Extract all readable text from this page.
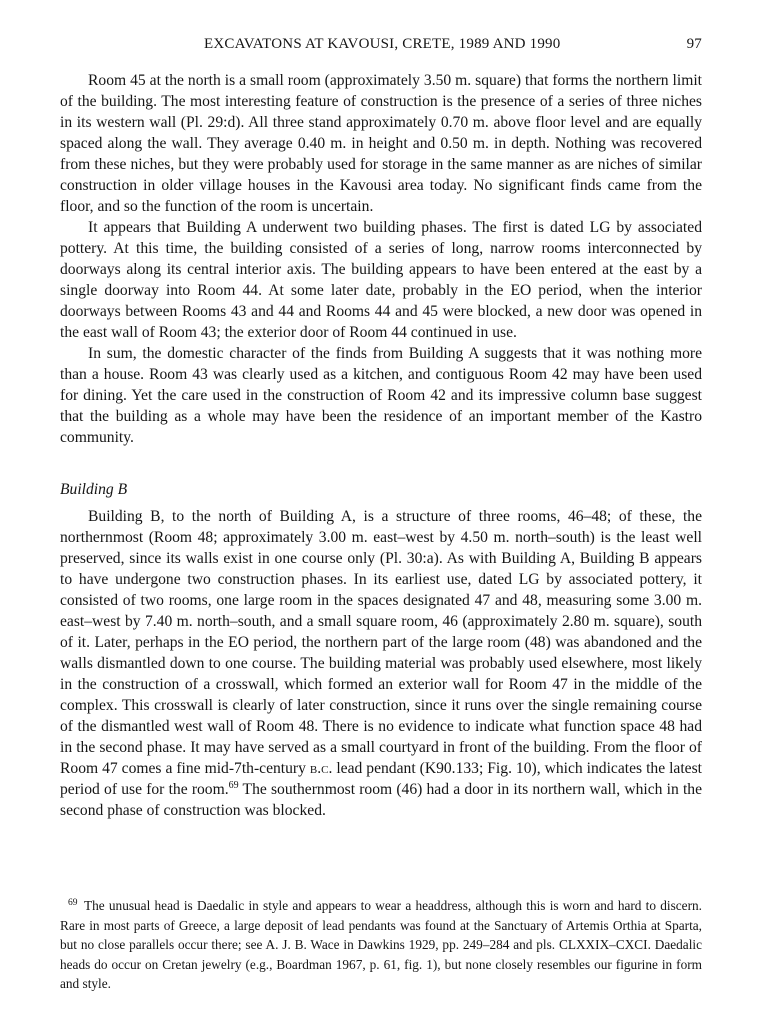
EXCAVATONS AT KAVOUSI, CRETE, 1989 AND 1990	97

Room 45 at the north is a small room (approximately 3.50 m. square) that forms the northern limit of the building. The most interesting feature of construction is the presence of a series of three niches in its western wall (Pl. 29:d). All three stand approximately 0.70 m. above floor level and are equally spaced along the wall. They average 0.40 m. in height and 0.50 m. in depth. Nothing was recovered from these niches, but they were probably used for storage in the same manner as are niches of similar construction in older village houses in the Kavousi area today. No significant finds came from the floor, and so the function of the room is uncertain.

It appears that Building A underwent two building phases. The first is dated LG by associated pottery. At this time, the building consisted of a series of long, narrow rooms interconnected by doorways along its central interior axis. The building appears to have been entered at the east by a single doorway into Room 44. At some later date, probably in the EO period, when the interior doorways between Rooms 43 and 44 and Rooms 44 and 45 were blocked, a new door was opened in the east wall of Room 43; the exterior door of Room 44 continued in use.

In sum, the domestic character of the finds from Building A suggests that it was nothing more than a house. Room 43 was clearly used as a kitchen, and contiguous Room 42 may have been used for dining. Yet the care used in the construction of Room 42 and its impressive column base suggest that the building as a whole may have been the residence of an important member of the Kastro community.

Building B

Building B, to the north of Building A, is a structure of three rooms, 46–48; of these, the northernmost (Room 48; approximately 3.00 m. east–west by 4.50 m. north–south) is the least well preserved, since its walls exist in one course only (Pl. 30:a). As with Building A, Building B appears to have undergone two construction phases. In its earliest use, dated LG by associated pottery, it consisted of two rooms, one large room in the spaces designated 47 and 48, measuring some 3.00 m. east–west by 7.40 m. north–south, and a small square room, 46 (approximately 2.80 m. square), south of it. Later, perhaps in the EO period, the northern part of the large room (48) was abandoned and the walls dismantled down to one course. The building material was probably used elsewhere, most likely in the construction of a crosswall, which formed an exterior wall for Room 47 in the middle of the complex. This crosswall is clearly of later construction, since it runs over the single remaining course of the dismantled west wall of Room 48. There is no evidence to indicate what function space 48 had in the second phase. It may have served as a small courtyard in front of the building. From the floor of Room 47 comes a fine mid-7th-century b.c. lead pendant (K90.133; Fig. 10), which indicates the latest period of use for the room.$^{69}$ The southernmost room (46) had a door in its northern wall, which in the second phase of construction was blocked.

69 The unusual head is Daedalic in style and appears to wear a headdress, although this is worn and hard to discern. Rare in most parts of Greece, a large deposit of lead pendants was found at the Sanctuary of Artemis Orthia at Sparta, but no close parallels occur there; see A. J. B. Wace in Dawkins 1929, pp. 249–284 and pls. CLXXIX–CXCI. Daedalic heads do occur on Cretan jewelry (e.g., Boardman 1967, p. 61, fig. 1), but none closely resembles our figurine in form and style.
